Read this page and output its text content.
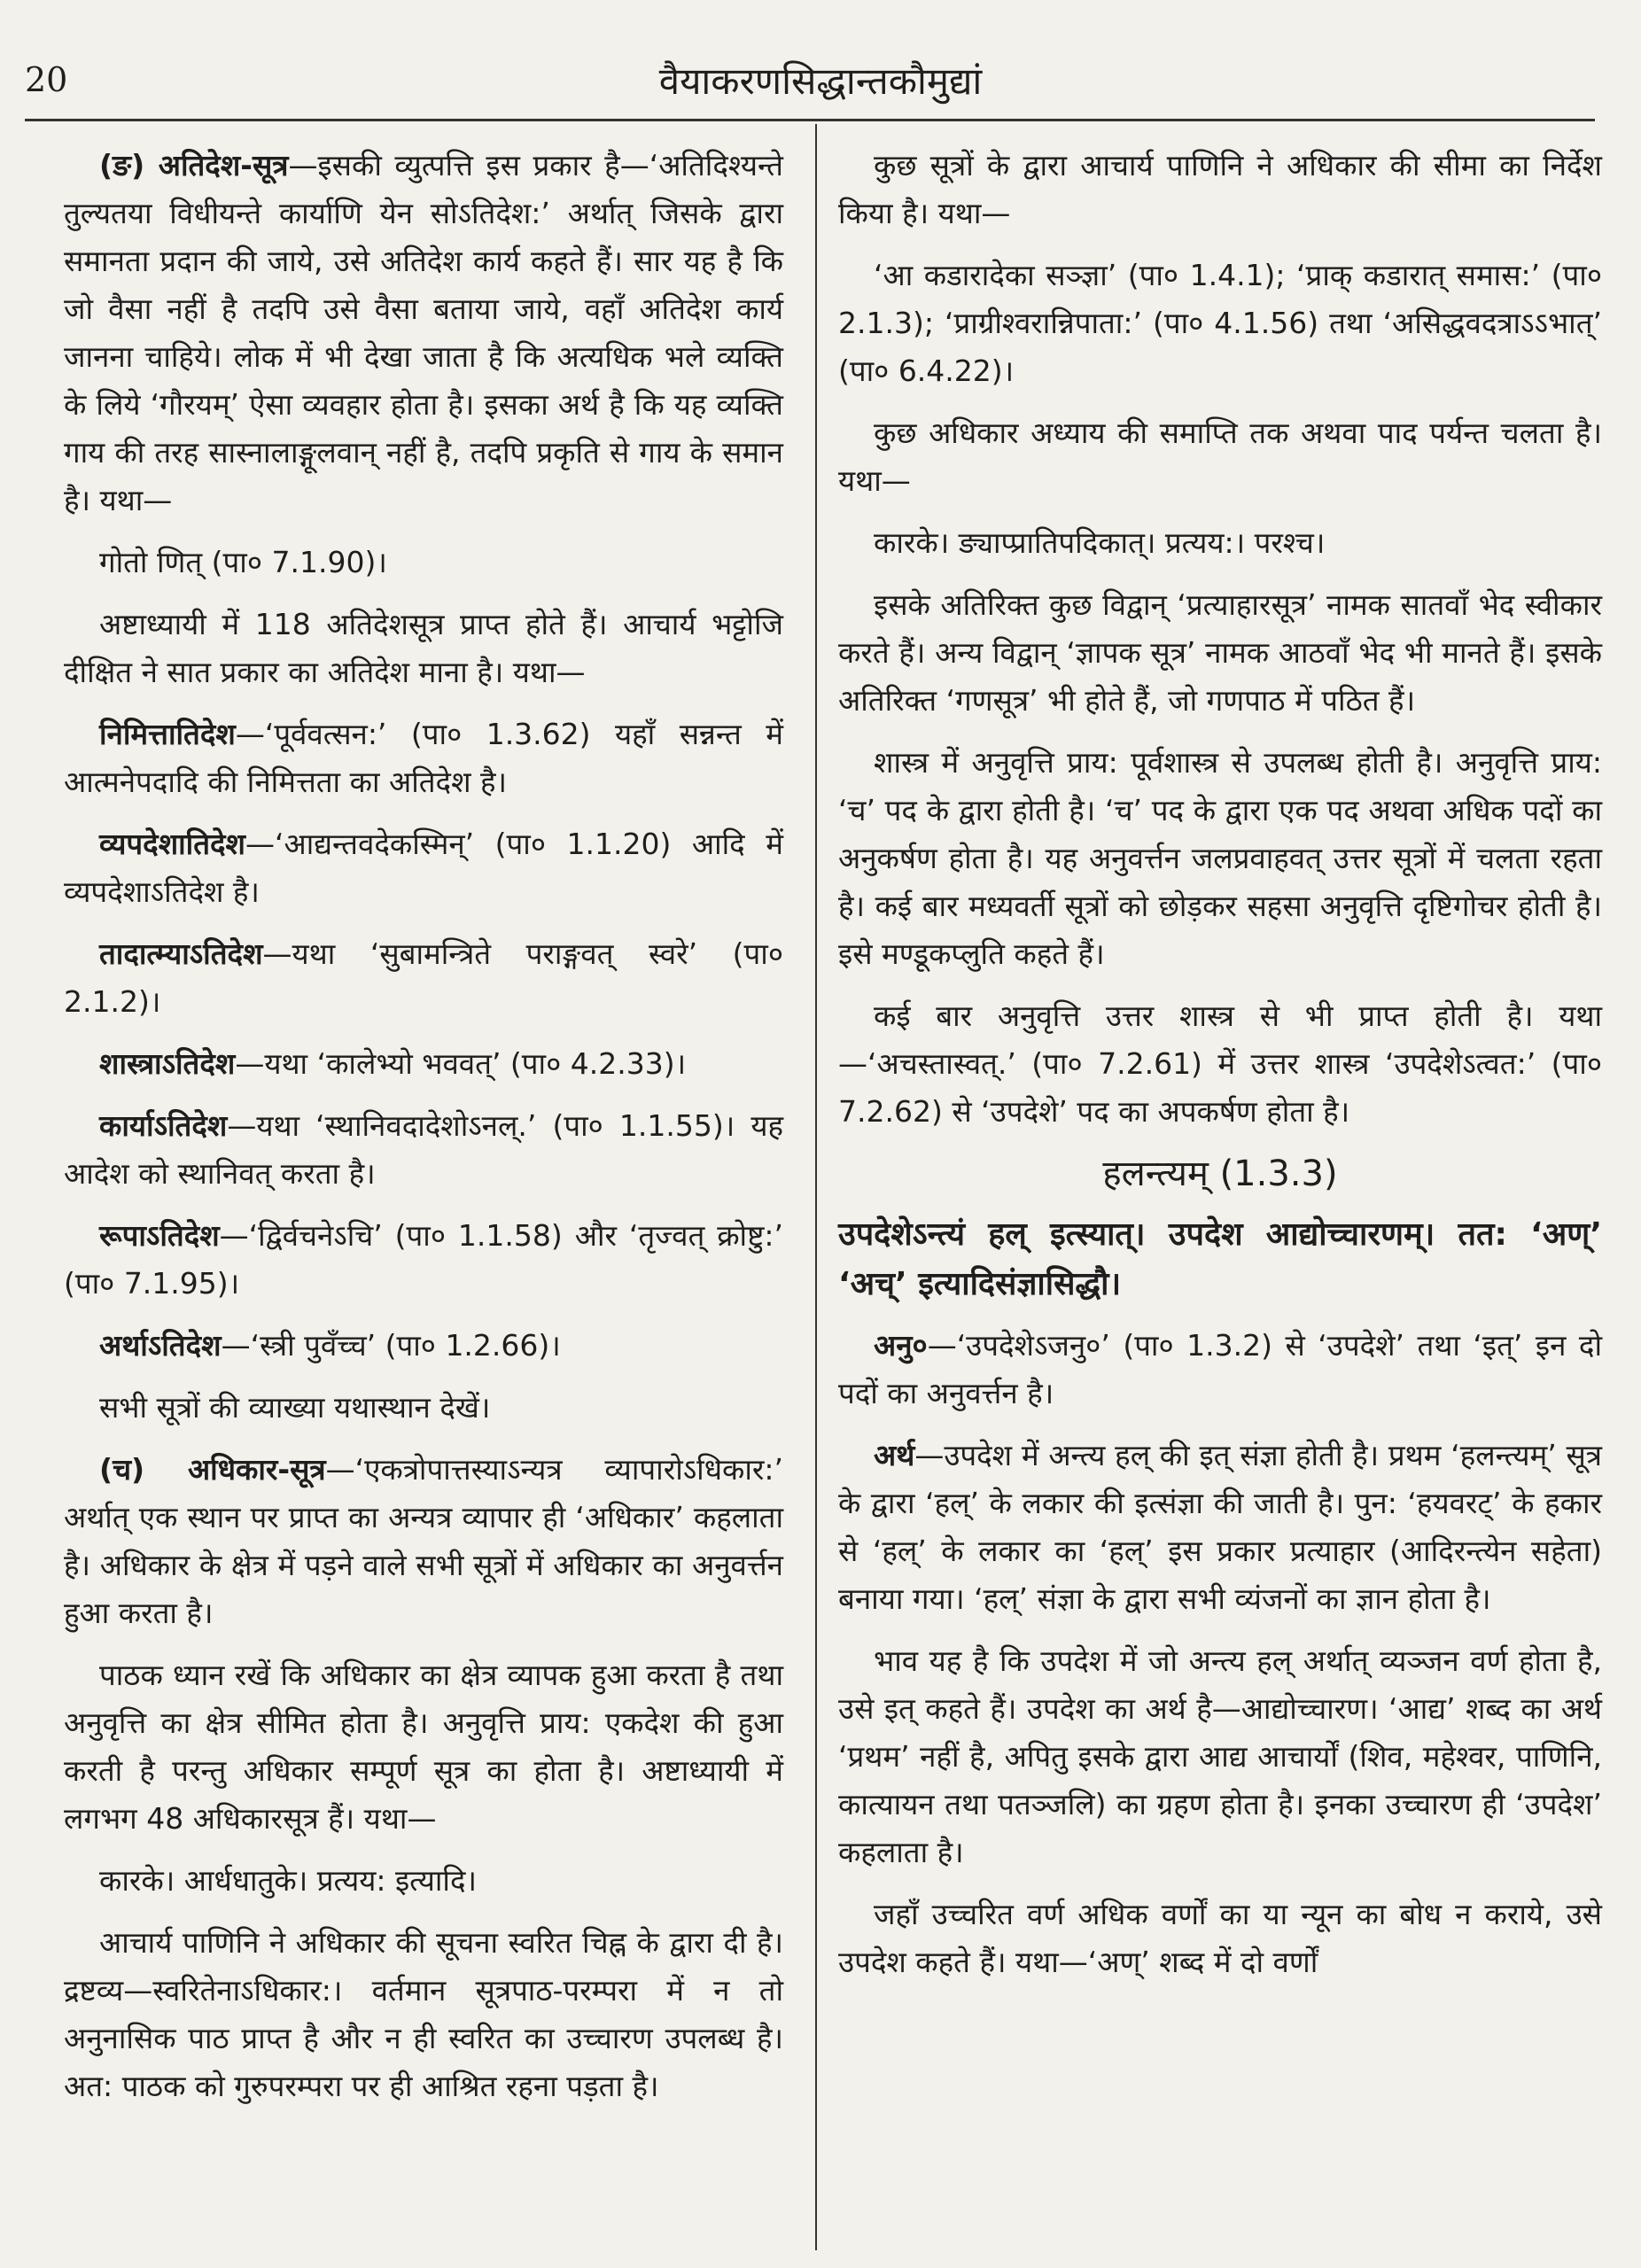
20	वैयाकरणसिद्धान्तकौमुद्यां

(ङ) अतिदेश-सूत्र—इसकी व्युत्पत्ति इस प्रकार है—‘अतिदिश्यन्ते तुल्यतया विधीयन्ते कार्याणि येन सोऽतिदेश:’ अर्थात् जिसके द्वारा समानता प्रदान की जाये, उसे अतिदेश कार्य कहते हैं। सार यह है कि जो वैसा नहीं है तदपि उसे वैसा बताया जाये, वहाँ अतिदेश कार्य जानना चाहिये। लोक में भी देखा जाता है कि अत्यधिक भले व्यक्ति के लिये ‘गौरयम्’ ऐसा व्यवहार होता है। इसका अर्थ है कि यह व्यक्ति गाय की तरह सास्नालाङ्गूलवान् नहीं है, तदपि प्रकृति से गाय के समान है। यथा—

गोतो णित् (पा० 7.1.90)।

अष्टाध्यायी में 118 अतिदेशसूत्र प्राप्त होते हैं। आचार्य भट्टोजि दीक्षित ने सात प्रकार का अतिदेश माना है। यथा—

निमित्तातिदेश—‘पूर्ववत्सन:’ (पा० 1.3.62) यहाँ सन्नन्त में आत्मनेपदादि की निमित्तता का अतिदेश है।

व्यपदेशातिदेश—‘आद्यन्तवदेकस्मिन्’ (पा० 1.1.20) आदि में व्यपदेशाऽतिदेश है।

तादात्म्याऽतिदेश—यथा ‘सुबामन्त्रिते पराङ्गवत् स्वरे’ (पा० 2.1.2)।

शास्त्राऽतिदेश—यथा ‘कालेभ्यो भववत्’ (पा० 4.2.33)।

कार्याऽतिदेश—यथा ‘स्थानिवदादेशोऽनल्.’ (पा० 1.1.55)। यह आदेश को स्थानिवत् करता है।

रूपाऽतिदेश—‘द्विर्वचनेऽचि’ (पा० 1.1.58) और ‘तृज्वत् क्रोष्टु:’ (पा० 7.1.95)।

अर्थाऽतिदेश—‘स्त्री पुवँच्च’ (पा० 1.2.66)।

सभी सूत्रों की व्याख्या यथास्थान देखें।

(च) अधिकार-सूत्र—‘एकत्रोपात्तस्याऽन्यत्र व्यापारोऽधिकार:’ अर्थात् एक स्थान पर प्राप्त का अन्यत्र व्यापार ही ‘अधिकार’ कहलाता है। अधिकार के क्षेत्र में पड़ने वाले सभी सूत्रों में अधिकार का अनुवर्त्तन हुआ करता है।

पाठक ध्यान रखें कि अधिकार का क्षेत्र व्यापक हुआ करता है तथा अनुवृत्ति का क्षेत्र सीमित होता है। अनुवृत्ति प्राय: एकदेश की हुआ करती है परन्तु अधिकार सम्पूर्ण सूत्र का होता है। अष्टाध्यायी में लगभग 48 अधिकारसूत्र हैं। यथा—

कारके। आर्धधातुके। प्रत्यय: इत्यादि।

आचार्य पाणिनि ने अधिकार की सूचना स्वरित चिह्न के द्वारा दी है। द्रष्टव्य—स्वरितेनाऽधिकार:। वर्तमान सूत्रपाठ-परम्परा में न तो अनुनासिक पाठ प्राप्त है और न ही स्वरित का उच्चारण उपलब्ध है। अत: पाठक को गुरुपरम्परा पर ही आश्रित रहना पड़ता है।

कुछ सूत्रों के द्वारा आचार्य पाणिनि ने अधिकार की सीमा का निर्देश किया है। यथा—

‘आ कडारादेका सञ्ज्ञा’ (पा० 1.4.1); ‘प्राक् कडारात् समास:’ (पा० 2.1.3); ‘प्राग्रीश्वरान्निपाता:’ (पा० 4.1.56) तथा ‘असिद्धवदत्राऽऽभात्’ (पा० 6.4.22)।

कुछ अधिकार अध्याय की समाप्ति तक अथवा पाद पर्यन्त चलता है। यथा—

कारके। ङ्याप्प्रातिपदिकात्। प्रत्यय:। परश्च।

इसके अतिरिक्त कुछ विद्वान् ‘प्रत्याहारसूत्र’ नामक सातवाँ भेद स्वीकार करते हैं। अन्य विद्वान् ‘ज्ञापक सूत्र’ नामक आठवाँ भेद भी मानते हैं। इसके अतिरिक्त ‘गणसूत्र’ भी होते हैं, जो गणपाठ में पठित हैं।

शास्त्र में अनुवृत्ति प्राय: पूर्वशास्त्र से उपलब्ध होती है। अनुवृत्ति प्राय: ‘च’ पद के द्वारा होती है। ‘च’ पद के द्वारा एक पद अथवा अधिक पदों का अनुकर्षण होता है। यह अनुवर्त्तन जलप्रवाहवत् उत्तर सूत्रों में चलता रहता है। कई बार मध्यवर्ती सूत्रों को छोड़कर सहसा अनुवृत्ति दृष्टिगोचर होती है। इसे मण्डूकप्लुति कहते हैं।

कई बार अनुवृत्ति उत्तर शास्त्र से भी प्राप्त होती है। यथा—‘अचस्तास्वत्.’ (पा० 7.2.61) में उत्तर शास्त्र ‘उपदेशेऽत्वत:’ (पा० 7.2.62) से ‘उपदेशे’ पद का अपकर्षण होता है।

हलन्त्यम् (1.3.3)

उपदेशेऽन्त्यं हल् इत्स्यात्। उपदेश आद्योच्चारणम्। तत: ‘अण्’ ‘अच्’ इत्यादिसंज्ञासिद्धौ।

अनु०—‘उपदेशेऽजनु०’ (पा० 1.3.2) से ‘उपदेशे’ तथा ‘इत्’ इन दो पदों का अनुवर्त्तन है।

अर्थ—उपदेश में अन्त्य हल् की इत् संज्ञा होती है। प्रथम ‘हलन्त्यम्’ सूत्र के द्वारा ‘हल्’ के लकार की इत्संज्ञा की जाती है। पुन: ‘हयवरट्’ के हकार से ‘हल्’ के लकार का ‘हल्’ इस प्रकार प्रत्याहार (आदिरन्त्येन सहेता) बनाया गया। ‘हल्’ संज्ञा के द्वारा सभी व्यंजनों का ज्ञान होता है।

भाव यह है कि उपदेश में जो अन्त्य हल् अर्थात् व्यञ्जन वर्ण होता है, उसे इत् कहते हैं। उपदेश का अर्थ है—आद्योच्चारण। ‘आद्य’ शब्द का अर्थ ‘प्रथम’ नहीं है, अपितु इसके द्वारा आद्य आचार्यों (शिव, महेश्वर, पाणिनि, कात्यायन तथा पतञ्जलि) का ग्रहण होता है। इनका उच्चारण ही ‘उपदेश’ कहलाता है।

जहाँ उच्चरित वर्ण अधिक वर्णों का या न्यून का बोध न कराये, उसे उपदेश कहते हैं। यथा—‘अण्’ शब्द में दो वर्णों
